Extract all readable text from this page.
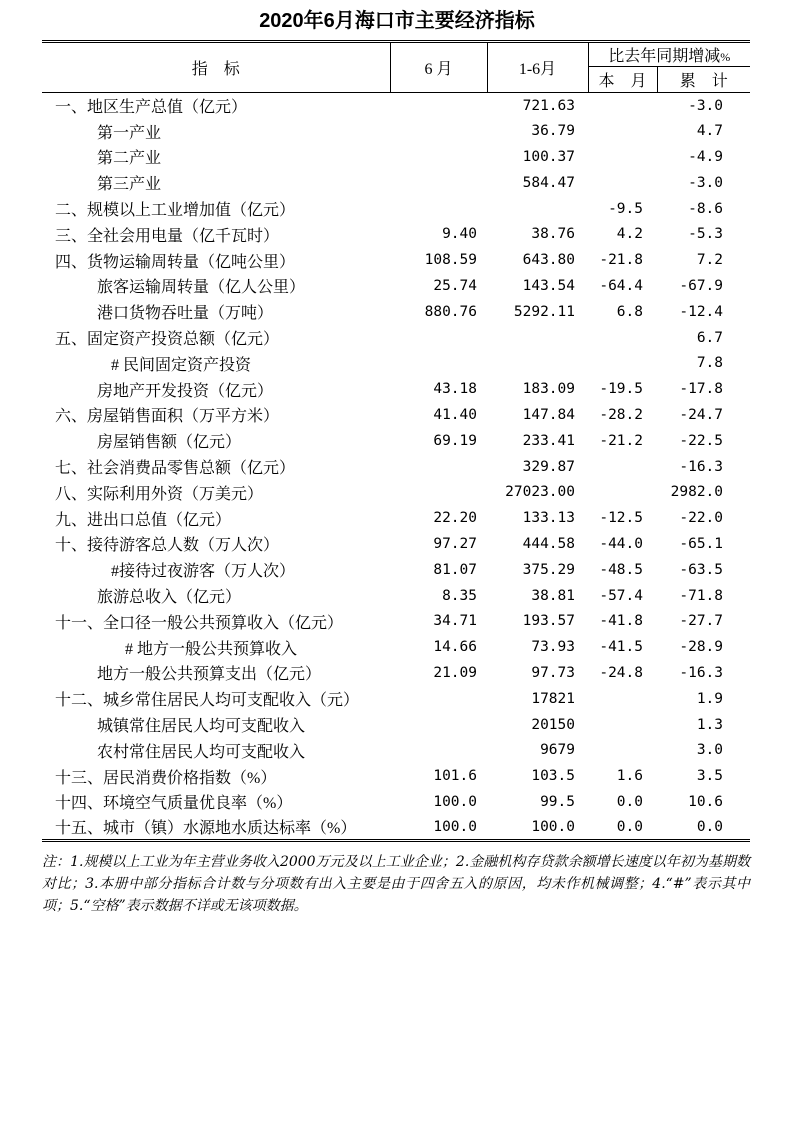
2020年6月海口市主要经济指标
指　标	6 月	1-6月	比去年同期增减%	
			本　月	累　计
一、地区生产总值（亿元）		721.63		-3.0
第一产业		36.79		4.7
第二产业		100.37		-4.9
第三产业		584.47		-3.0
二、规模以上工业增加值（亿元）			-9.5	-8.6
三、全社会用电量（亿千瓦时）	9.40	38.76	4.2	-5.3
四、货物运输周转量（亿吨公里）	108.59	643.80	-21.8	7.2
旅客运输周转量（亿人公里）	25.74	143.54	-64.4	-67.9
港口货物吞吐量（万吨）	880.76	5292.11	6.8	-12.4
五、固定资产投资总额（亿元）				6.7
# 民间固定资产投资				7.8
房地产开发投资（亿元）	43.18	183.09	-19.5	-17.8
六、房屋销售面积（万平方米）	41.40	147.84	-28.2	-24.7
房屋销售额（亿元）	69.19	233.41	-21.2	-22.5
七、社会消费品零售总额（亿元）		329.87		-16.3
八、实际利用外资（万美元）		27023.00		2982.0
九、进出口总值（亿元）	22.20	133.13	-12.5	-22.0
十、接待游客总人数（万人次）	97.27	444.58	-44.0	-65.1
#接待过夜游客（万人次）	81.07	375.29	-48.5	-63.5
旅游总收入（亿元）	8.35	38.81	-57.4	-71.8
十一、全口径一般公共预算收入（亿元）	34.71	193.57	-41.8	-27.7
# 地方一般公共预算收入	14.66	73.93	-41.5	-28.9
地方一般公共预算支出（亿元）	21.09	97.73	-24.8	-16.3
十二、城乡常住居民人均可支配收入（元）		17821		1.9
城镇常住居民人均可支配收入		20150		1.3
农村常住居民人均可支配收入		9679		3.0
十三、居民消费价格指数（%）	101.6	103.5	1.6	3.5
十四、环境空气质量优良率（%）	100.0	99.5	0.0	10.6
十五、城市（镇）水源地水质达标率（%）	100.0	100.0	0.0	0.0

注：1.规模以上工业为年主营业务收入2000万元及以上工业企业；2.金融机构存贷款余额增长速度以年初为基期数对比；3.本册中部分指标合计数与分项数有出入主要是由于四舍五入的原因，均未作机械调整；4.“#”表示其中项；5.“空格”表示数据不详或无该项数据。
